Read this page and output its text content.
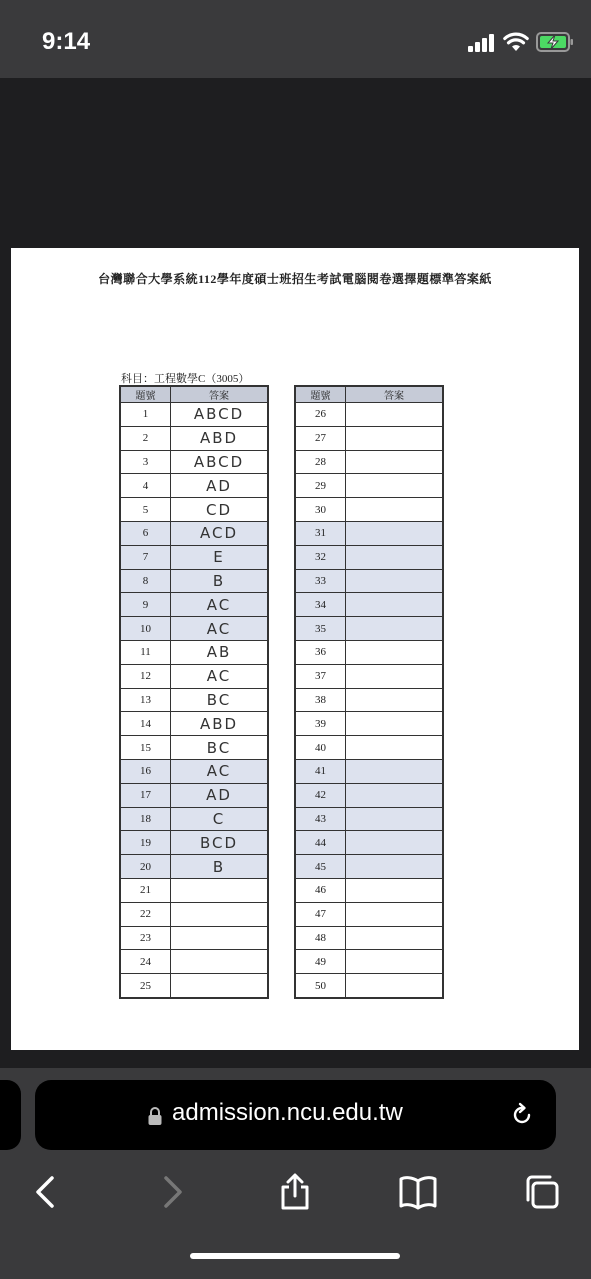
9:14
台灣聯合大學系統112學年度碩士班招生考試電腦閱卷選擇題標準答案紙
科目：工程數學C（3005）
題號	答案
1	ABCD
2	ABD
3	ABCD
4	AD
5	CD
6	ACD
7	E
8	B
9	AC
10	AC
11	AB
12	AC
13	BC
14	ABD
15	BC
16	AC
17	AD
18	C
19	BCD
20	B
21	
22	
23	
24	
25	
題號	答案
26	
27	
28	
29	
30	
31	
32	
33	
34	
35	
36	
37	
38	
39	
40	
41	
42	
43	
44	
45	
46	
47	
48	
49	
50	
admission.ncu.edu.tw
